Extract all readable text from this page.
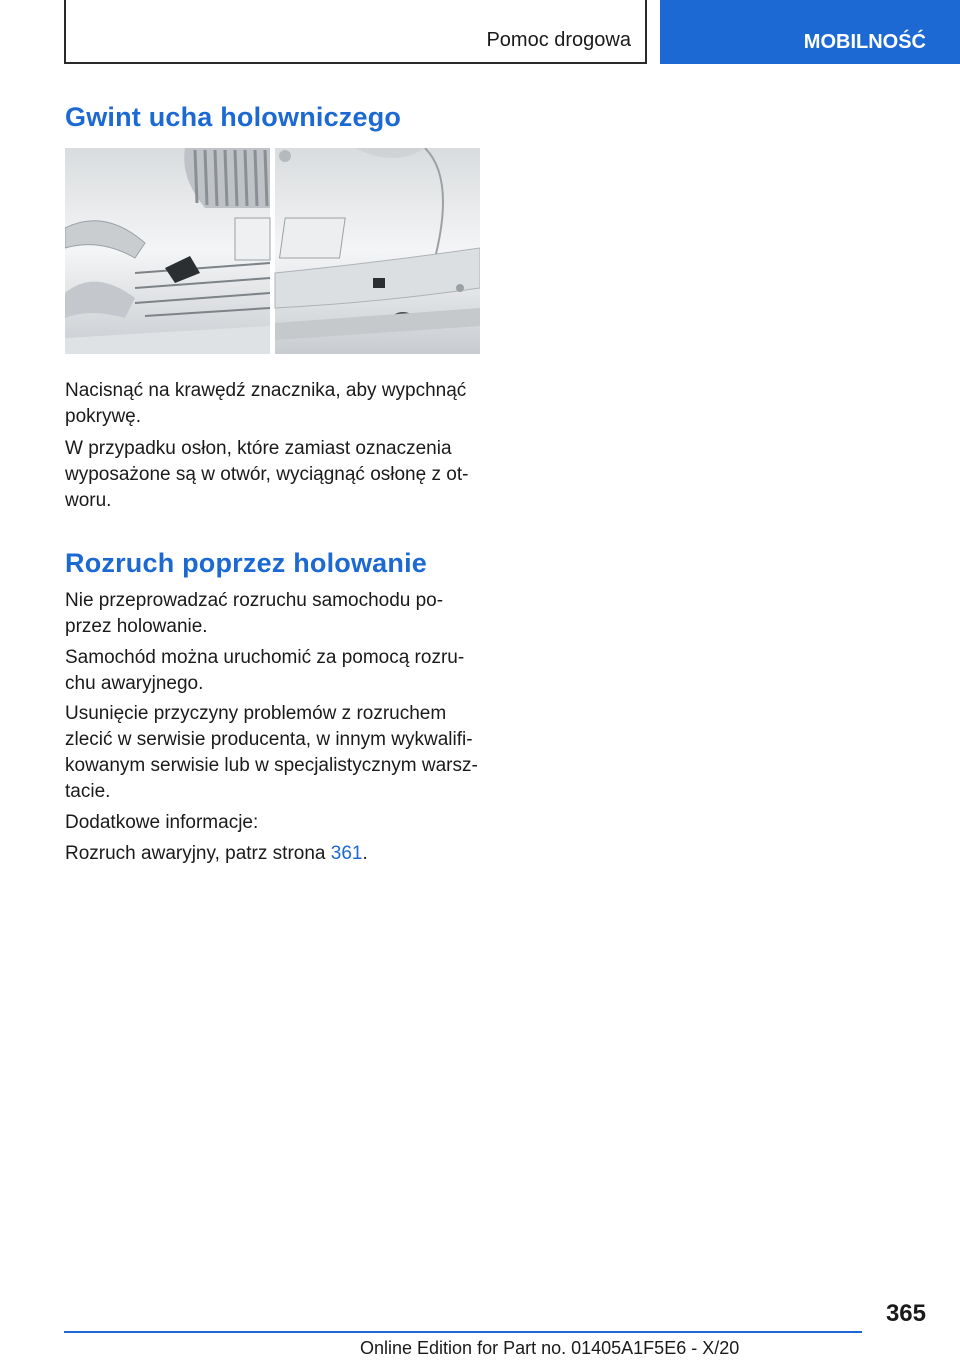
Pomoc drogowa	MOBILNOŚĆ
Gwint ucha holowniczego

Nacisnąć na krawędź znacznika, aby wypchnąć pokrywę.

W przypadku osłon, które zamiast oznaczenia wyposażone są w otwór, wyciągnąć osłonę z ot- woru.

Rozruch poprzez holowanie

Nie przeprowadzać rozruchu samochodu po- przez holowanie.

Samochód można uruchomić za pomocą rozru- chu awaryjnego.

Usunięcie przyczyny problemów z rozruchem zlecić w serwisie producenta, w innym wykwalifi- kowanym serwisie lub w specjalistycznym warsz- tacie.

Dodatkowe informacje:

Rozruch awaryjny, patrz strona 361.

365
Online Edition for Part no. 01405A1F5E6 - X/20
